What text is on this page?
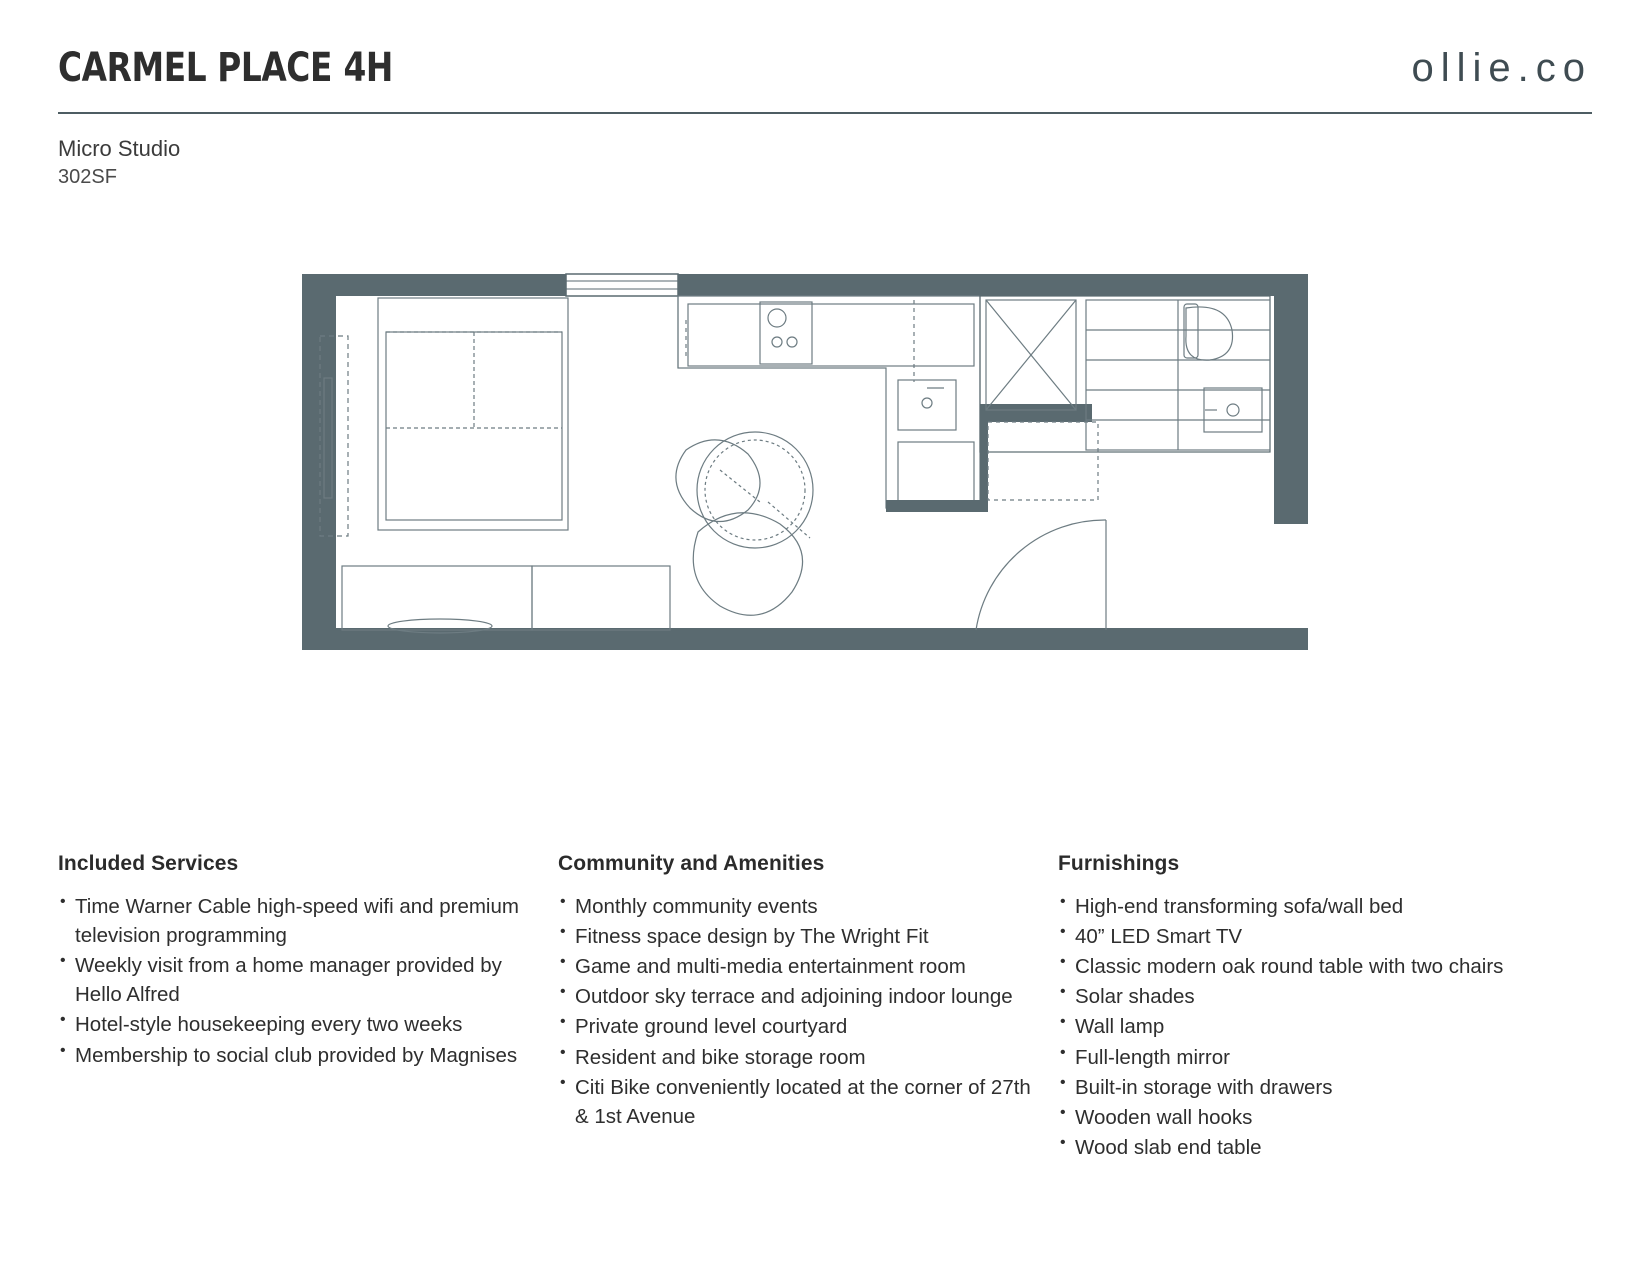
CARMEL PLACE 4H	ollie.co
Micro Studio
302SF
Included Services
• Time Warner Cable high-speed wifi and premium television programming
• Weekly visit from a home manager provided by Hello Alfred
• Hotel-style housekeeping every two weeks
• Membership to social club provided by Magnises
Community and Amenities
• Monthly community events
• Fitness space design by The Wright Fit
• Game and multi-media entertainment room
• Outdoor sky terrace and adjoining indoor lounge
• Private ground level courtyard
• Resident and bike storage room
• Citi Bike conveniently located at the corner of 27th & 1st Avenue
Furnishings
• High-end transforming sofa/wall bed
• 40” LED Smart TV
• Classic modern oak round table with two chairs
• Solar shades
• Wall lamp
• Full-length mirror
• Built-in storage with drawers
• Wooden wall hooks
• Wood slab end table
